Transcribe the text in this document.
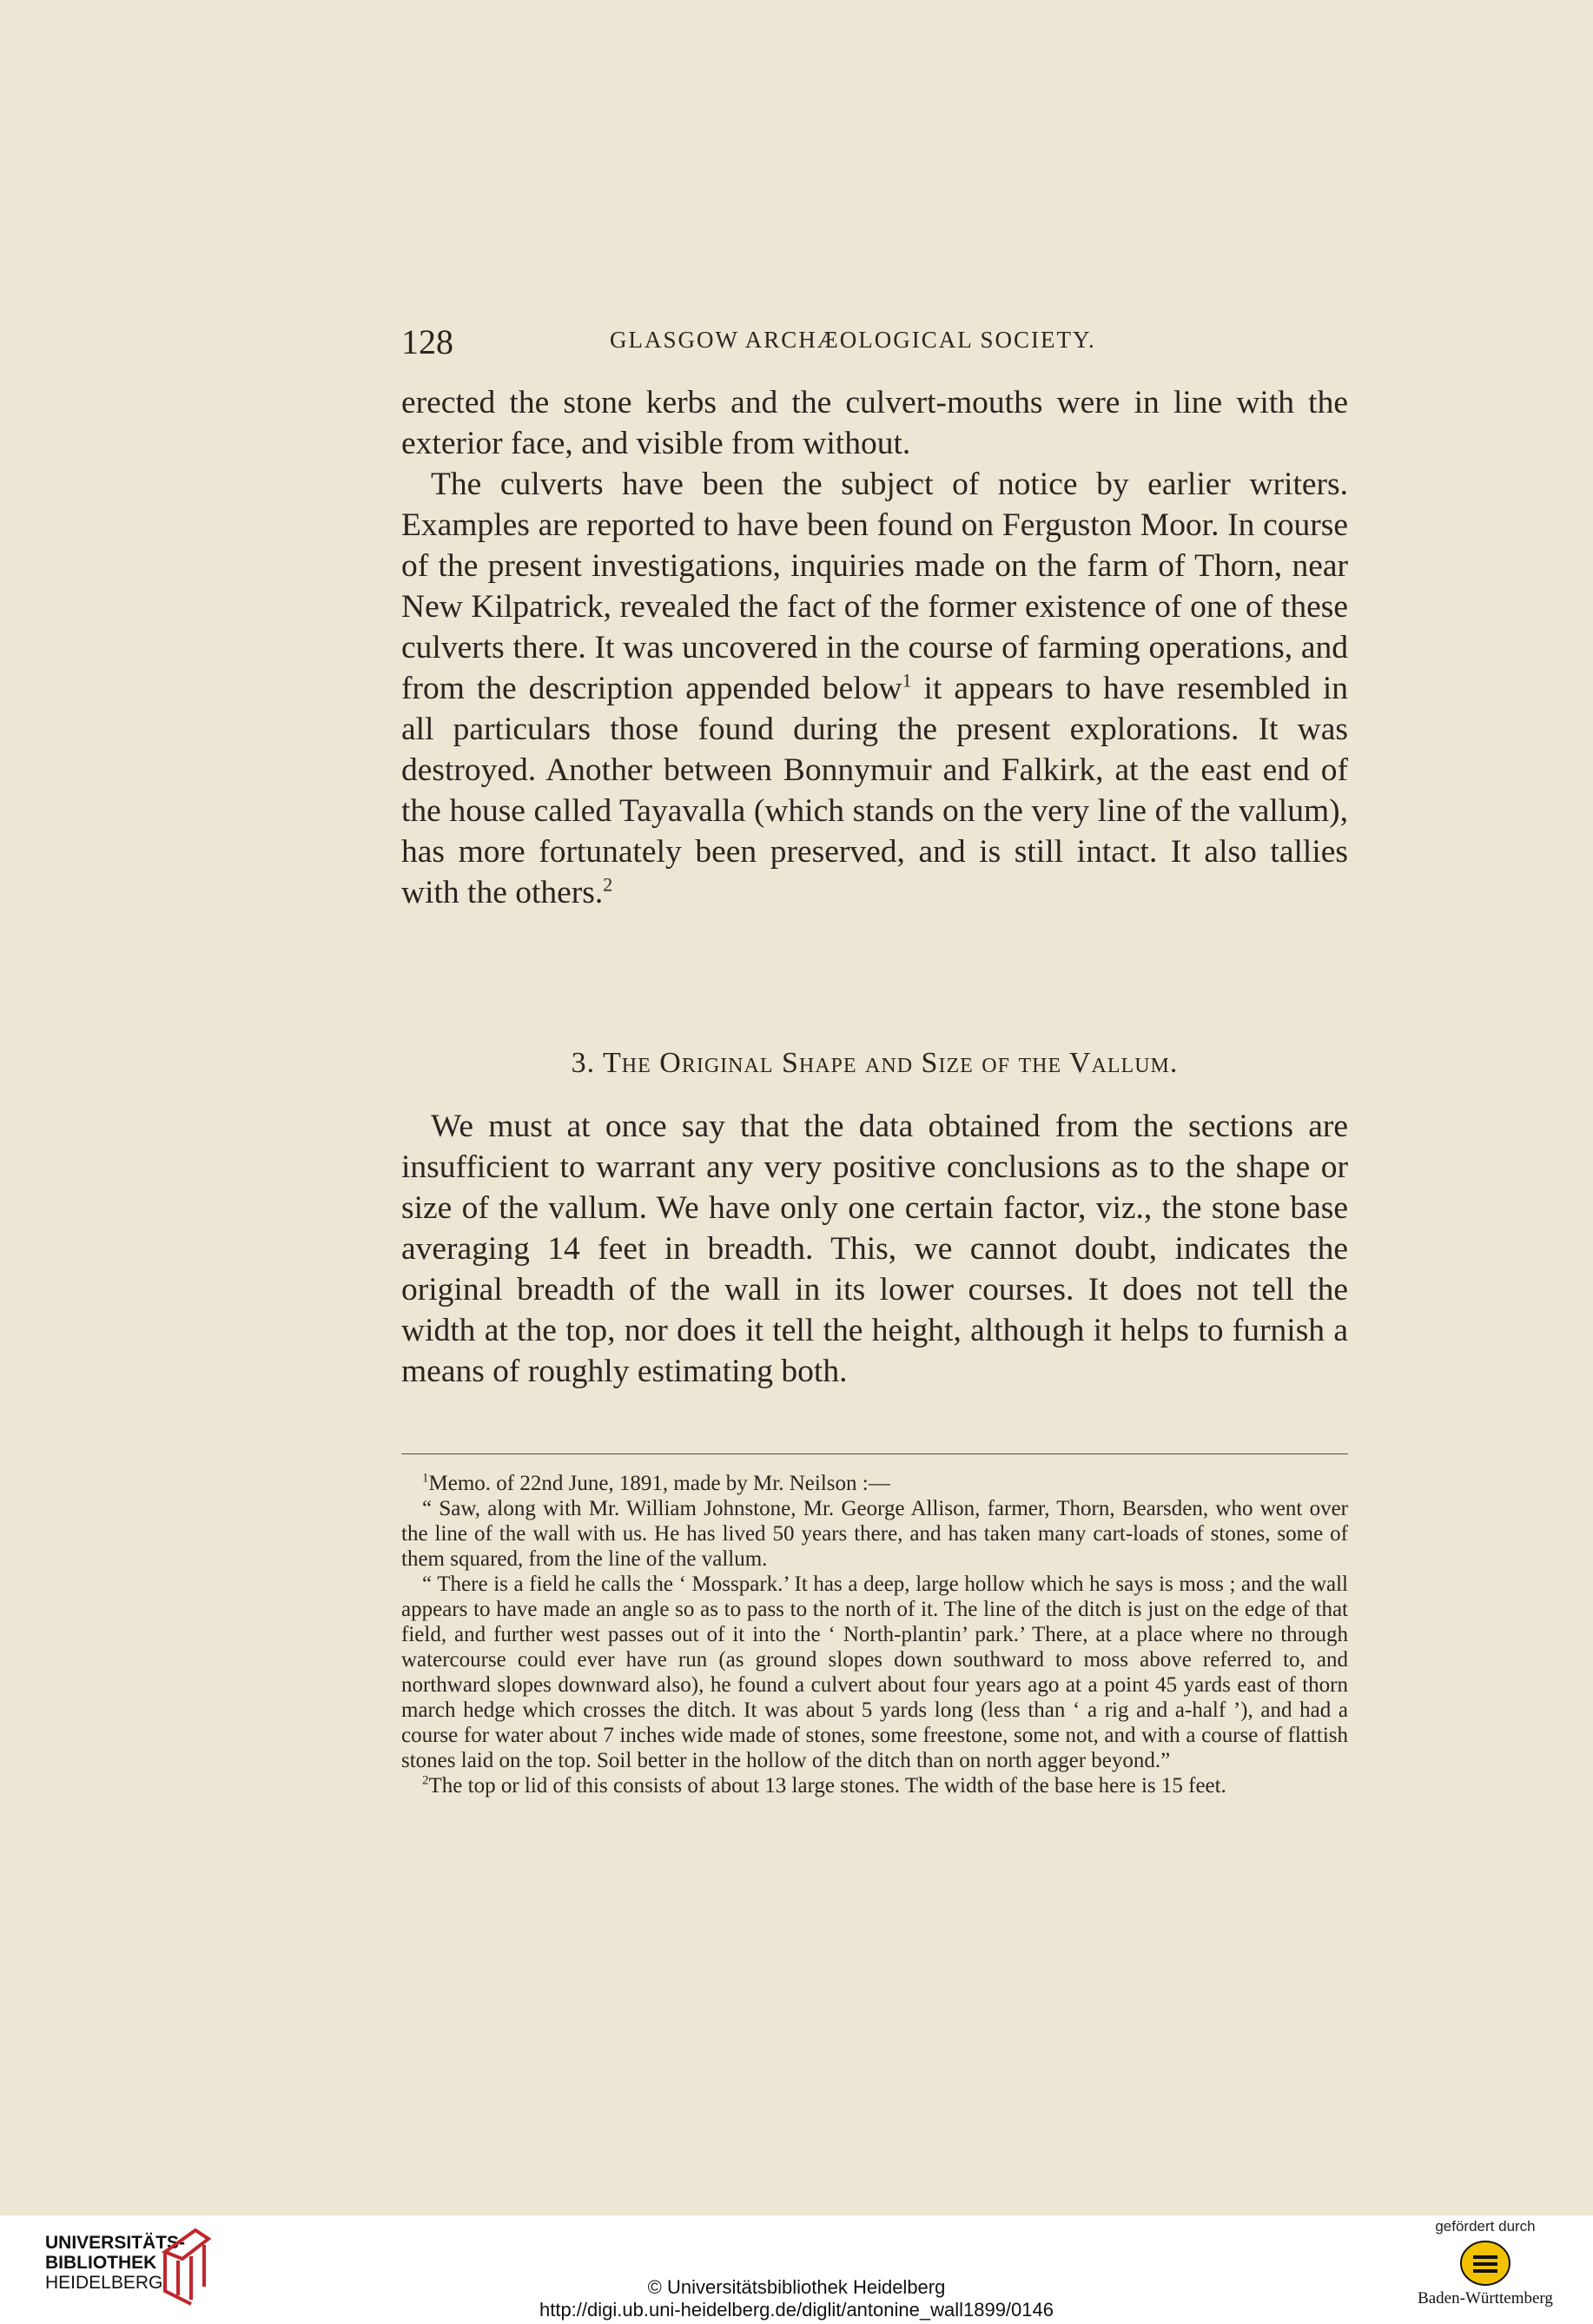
128	GLASGOW ARCHÆOLOGICAL SOCIETY.

erected the stone kerbs and the culvert-mouths were in line with the exterior face, and visible from without.

The culverts have been the subject of notice by earlier writers. Examples are reported to have been found on Ferguston Moor. In course of the present investigations, inquiries made on the farm of Thorn, near New Kilpatrick, revealed the fact of the former existence of one of these culverts there. It was uncovered in the course of farming operations, and from the description appended below$^1$ it appears to have resembled in all particulars those found during the present explorations. It was destroyed. Another between Bonnymuir and Falkirk, at the east end of the house called Tayavalla (which stands on the very line of the vallum), has more fortunately been preserved, and is still intact. It also tallies with the others.$^2$

3. The Original Shape and Size of the Vallum.

We must at once say that the data obtained from the sections are insufficient to warrant any very positive conclusions as to the shape or size of the vallum. We have only one certain factor, viz., the stone base averaging 14 feet in breadth. This, we cannot doubt, indicates the original breadth of the wall in its lower courses. It does not tell the width at the top, nor does it tell the height, although it helps to furnish a means of roughly estimating both.

$^1$Memo. of 22nd June, 1891, made by Mr. Neilson :—

“ Saw, along with Mr. William Johnstone, Mr. George Allison, farmer, Thorn, Bearsden, who went over the line of the wall with us. He has lived 50 years there, and has taken many cart-loads of stones, some of them squared, from the line of the vallum.

“ There is a field he calls the ‘ Mosspark.’ It has a deep, large hollow which he says is moss ; and the wall appears to have made an angle so as to pass to the north of it. The line of the ditch is just on the edge of that field, and further west passes out of it into the ‘ North-plantin’ park.’ There, at a place where no through watercourse could ever have run (as ground slopes down southward to moss above referred to, and northward slopes downward also), he found a culvert about four years ago at a point 45 yards east of thorn march hedge which crosses the ditch. It was about 5 yards long (less than ‘ a rig and a-half ’), and had a course for water about 7 inches wide made of stones, some freestone, some not, and with a course of flattish stones laid on the top. Soil better in the hollow of the ditch than on north agger beyond.”

$^2$The top or lid of this consists of about 13 large stones. The width of the base here is 15 feet.

UNIVERSITÄTS-
BIBLIOTHEK
HEIDELBERG	© Universitätsbibliothek Heidelberg
http://digi.ub.uni-heidelberg.de/diglit/antonine_wall1899/0146
gefördert durch
Baden-Württemberg
